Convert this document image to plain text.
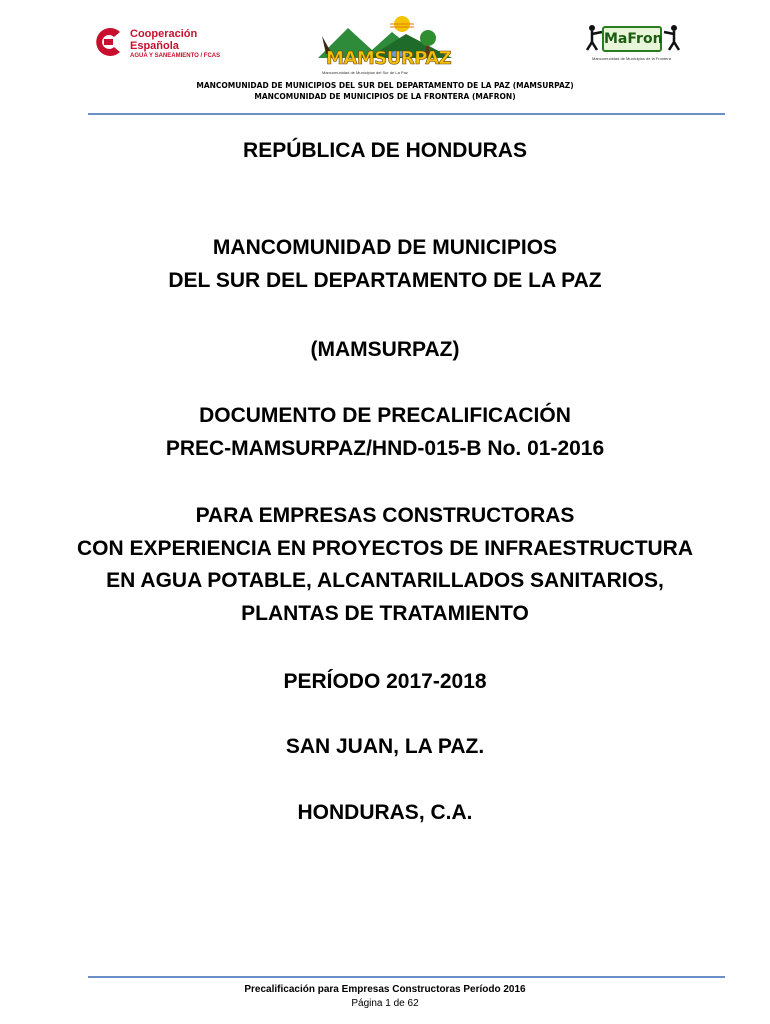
Cooperación
Española
AGUA Y SANEAMIENTO / FCAS	MAMSURPAZ
Mancomunidad de Municipios del Sur de La Paz
MaFron
Mancomunidad de Municipios de la Frontera
MANCOMUNIDAD DE MUNICIPIOS DEL SUR DEL DEPARTAMENTO DE LA PAZ (MAMSURPAZ)
MANCOMUNIDAD DE MUNICIPIOS DE LA FRONTERA (MAFRON)
REPÚBLICA DE HONDURAS
MANCOMUNIDAD DE MUNICIPIOS
DEL SUR DEL DEPARTAMENTO DE LA PAZ
(MAMSURPAZ)
DOCUMENTO DE PRECALIFICACIÓN
PREC-MAMSURPAZ/HND-015-B No. 01-2016
PARA EMPRESAS CONSTRUCTORAS
CON EXPERIENCIA EN PROYECTOS DE INFRAESTRUCTURA
EN AGUA POTABLE, ALCANTARILLADOS SANITARIOS,
PLANTAS DE TRATAMIENTO
PERÍODO 2017-2018
SAN JUAN, LA PAZ.
HONDURAS, C.A.
Precalificación para Empresas Constructoras Período 2016
Página 1 de 62
